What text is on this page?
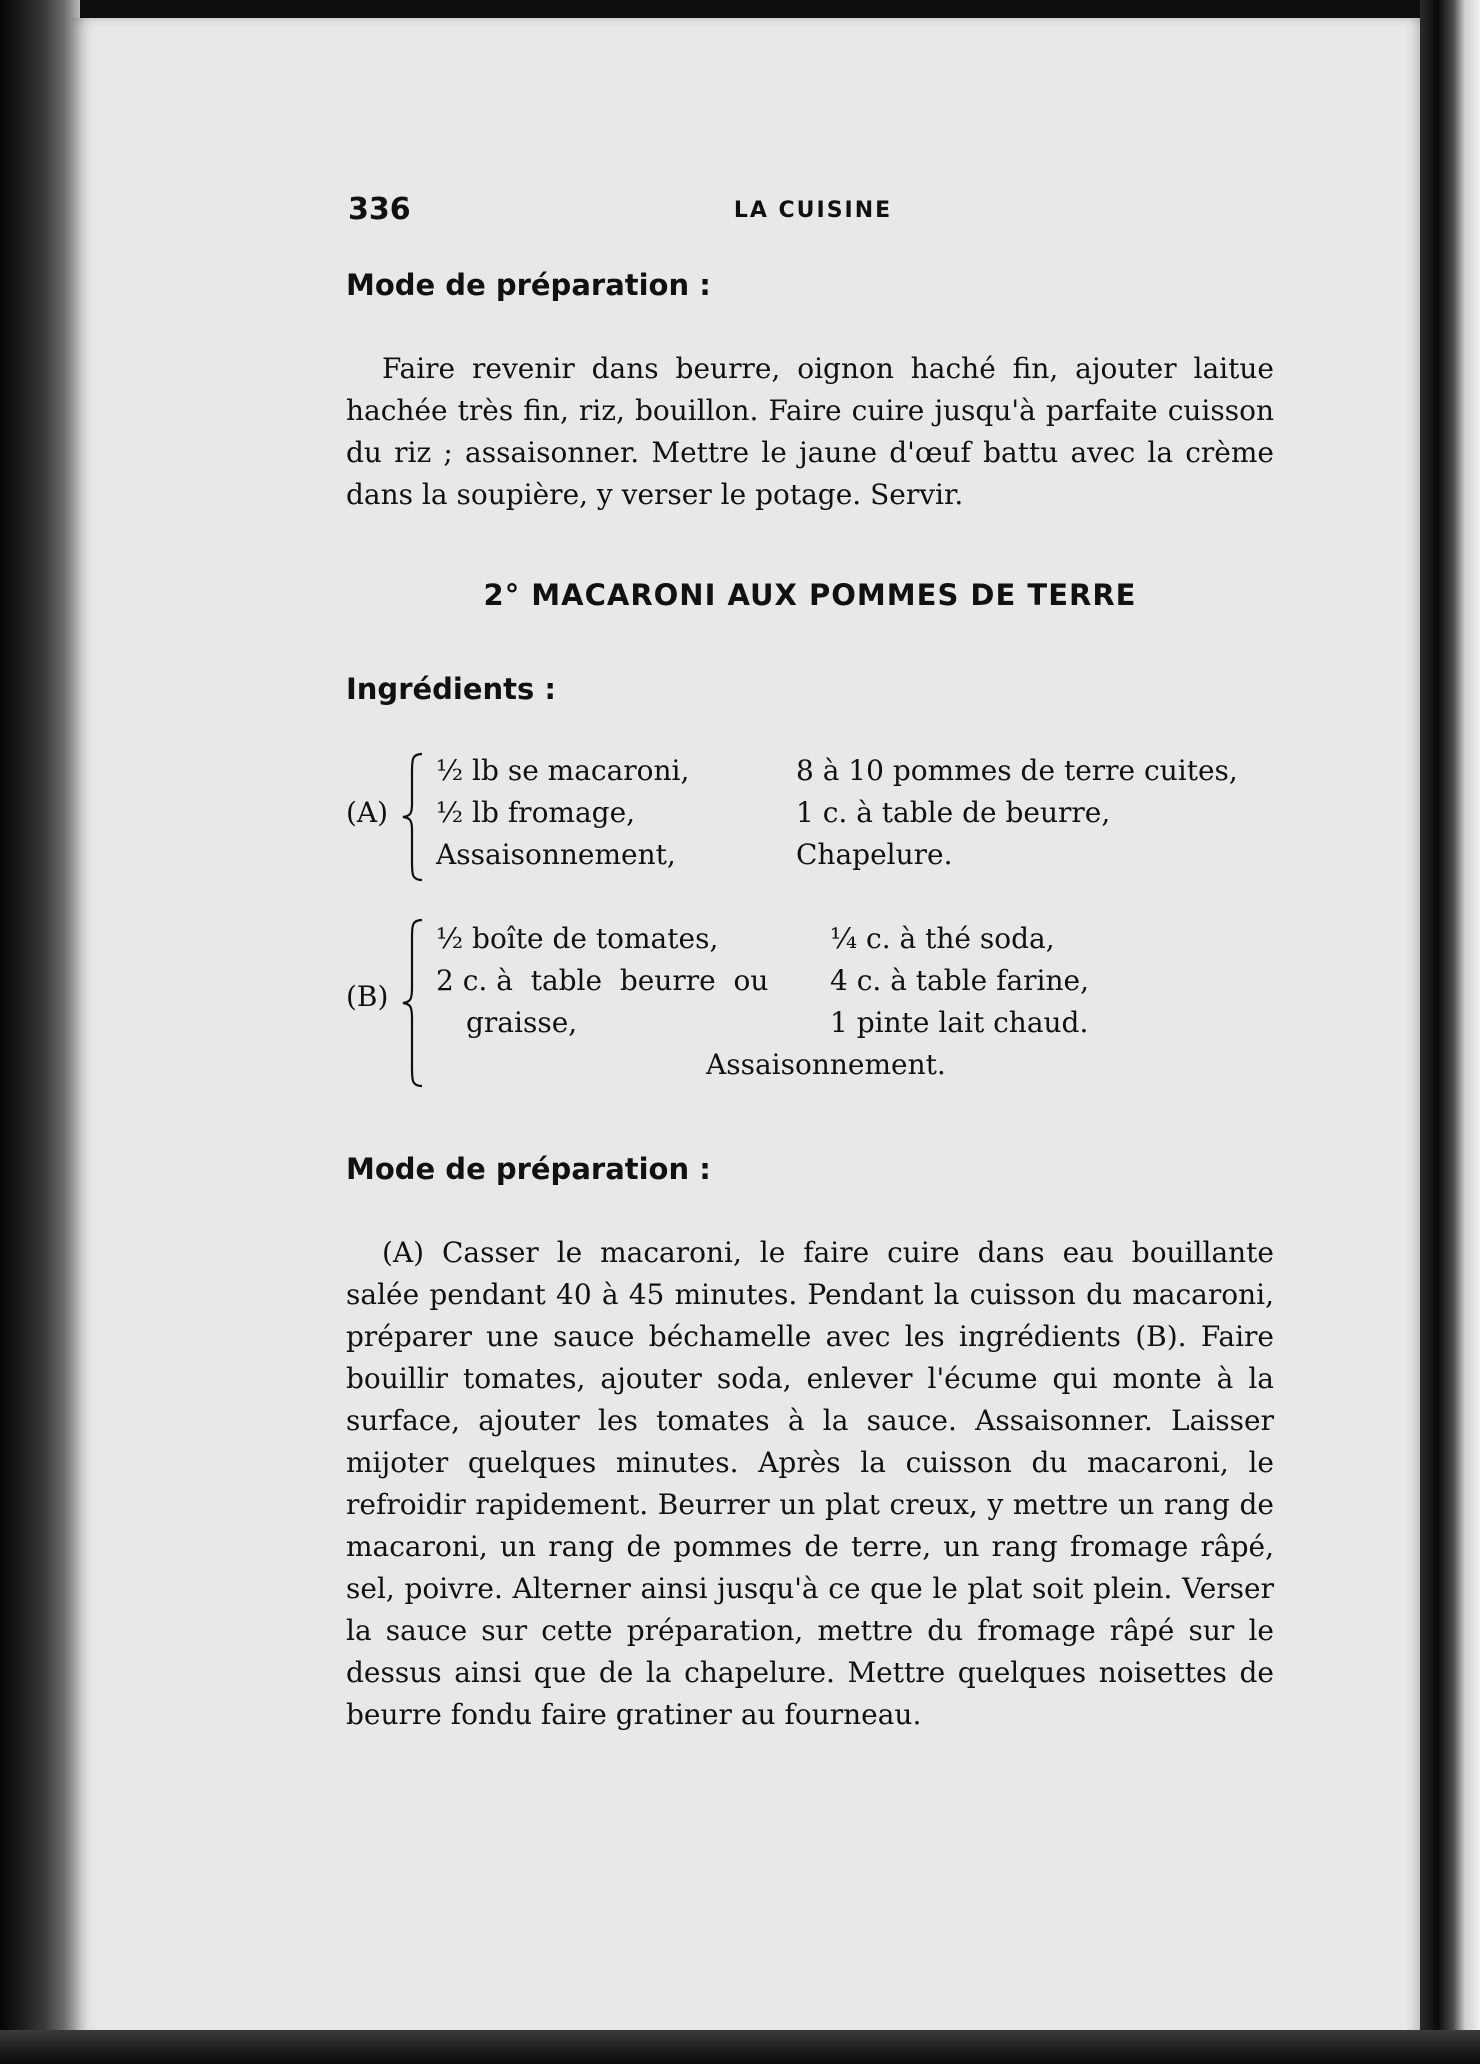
336	LA CUISINE
Mode de préparation :

Faire revenir dans beurre, oignon haché fin, ajouter laitue hachée très fin, riz, bouillon. Faire cuire jusqu'à parfaite cuisson du riz ; assaisonner. Mettre le jaune d'œuf battu avec la crème dans la soupière, y verser le potage. Servir.

2° MACARONI AUX POMMES DE TERRE
Ingrédients :
(A)
½ lb se macaroni,
½ lb fromage,
Assaisonnement,
8 à 10 pommes de terre cuites,
1 c. à table de beurre,
Chapelure.
(B)
½ boîte de tomates,
2 c. à  table  beurre  ou
graisse,
¼ c. à thé soda,
4 c. à table farine,
1 pinte lait chaud.
Assaisonnement.
Mode de préparation :

(A) Casser le macaroni, le faire cuire dans eau bouillante salée pendant 40 à 45 minutes. Pendant la cuisson du macaroni, préparer une sauce béchamelle avec les ingrédients (B). Faire bouillir tomates, ajouter soda, enlever l'écume qui monte à la surface, ajouter les tomates à la sauce. Assaisonner. Laisser mijoter quelques minutes. Après la cuisson du macaroni, le refroidir rapidement. Beurrer un plat creux, y mettre un rang de macaroni, un rang de pommes de terre, un rang fromage râpé, sel, poivre. Alterner ainsi jusqu'à ce que le plat soit plein. Verser la sauce sur cette préparation, mettre du fromage râpé sur le dessus ainsi que de la chapelure. Mettre quelques noisettes de beurre fondu faire gratiner au fourneau.
